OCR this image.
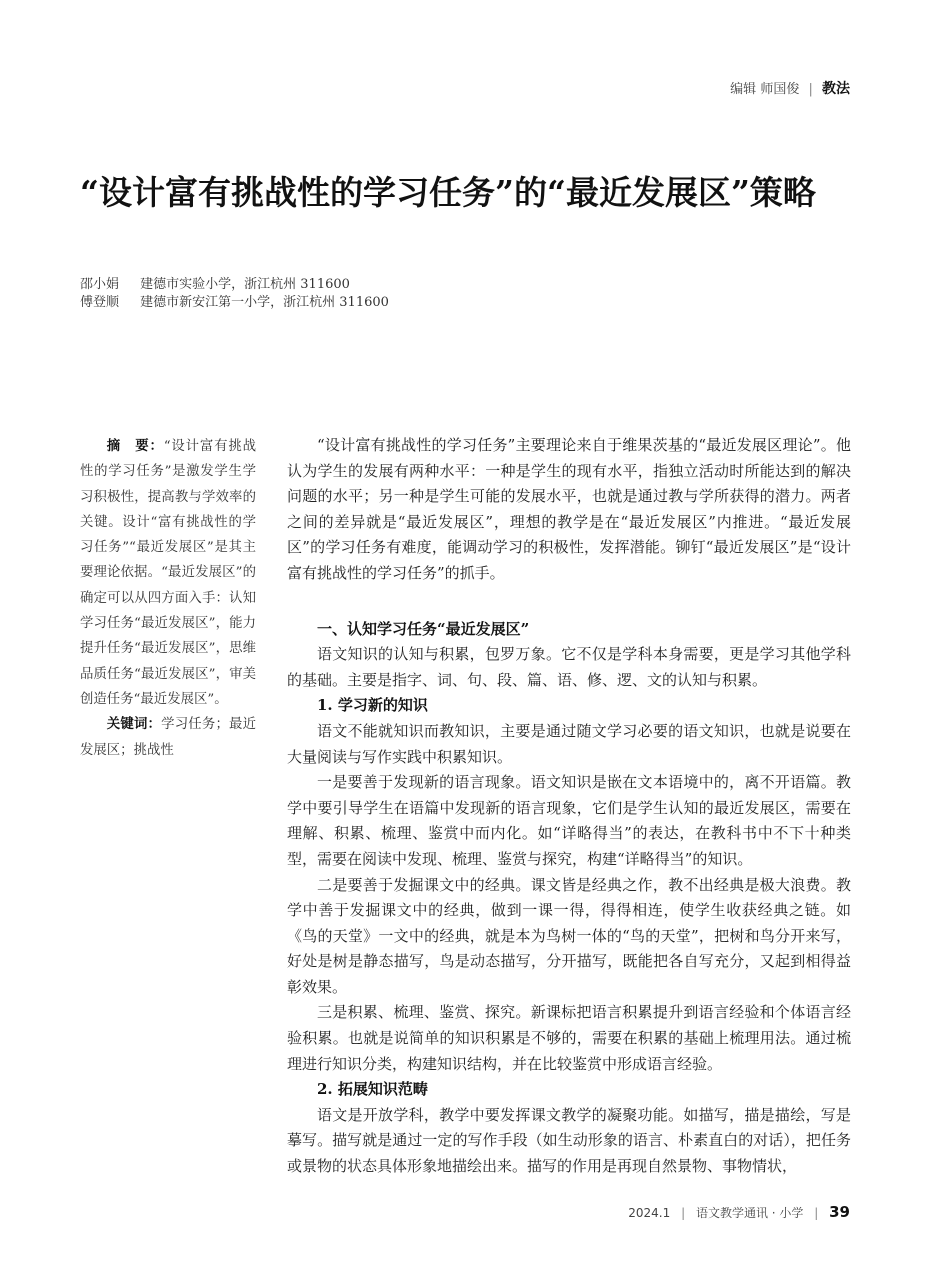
编辑 师国俊 | 教法
“设计富有挑战性的学习任务”的“最近发展区”策略
邵小娟 建德市实验小学，浙江杭州 311600
傅登顺 建德市新安江第一小学，浙江杭州 311600

摘　要：“设计富有挑战性的学习任务”是激发学生学习积极性，提高教与学效率的关键。设计“富有挑战性的学习任务”“最近发展区”是其主要理论依据。“最近发展区”的确定可以从四方面入手：认知学习任务“最近发展区”，能力提升任务“最近发展区”，思维品质任务“最近发展区”，审美创造任务“最近发展区”。

关键词：学习任务；最近发展区；挑战性

“设计富有挑战性的学习任务”主要理论来自于维果茨基的“最近发展区理论”。他认为学生的发展有两种水平：一种是学生的现有水平，指独立活动时所能达到的解决问题的水平；另一种是学生可能的发展水平，也就是通过教与学所获得的潜力。两者之间的差异就是“最近发展区”，理想的教学是在“最近发展区”内推进。“最近发展区”的学习任务有难度，能调动学习的积极性，发挥潜能。铆钉“最近发展区”是“设计富有挑战性的学习任务”的抓手。

一、认知学习任务“最近发展区”

语文知识的认知与积累，包罗万象。它不仅是学科本身需要，更是学习其他学科的基础。主要是指字、词、句、段、篇、语、修、逻、文的认知与积累。

1. 学习新的知识

语文不能就知识而教知识，主要是通过随文学习必要的语文知识，也就是说要在大量阅读与写作实践中积累知识。

一是要善于发现新的语言现象。语文知识是嵌在文本语境中的，离不开语篇。教学中要引导学生在语篇中发现新的语言现象，它们是学生认知的最近发展区，需要在理解、积累、梳理、鉴赏中而内化。如“详略得当”的表达，在教科书中不下十种类型，需要在阅读中发现、梳理、鉴赏与探究，构建“详略得当”的知识。

二是要善于发掘课文中的经典。课文皆是经典之作，教不出经典是极大浪费。教学中善于发掘课文中的经典，做到一课一得，得得相连，使学生收获经典之链。如《鸟的天堂》一文中的经典，就是本为鸟树一体的“鸟的天堂”，把树和鸟分开来写，好处是树是静态描写，鸟是动态描写，分开描写，既能把各自写充分，又起到相得益彰效果。

三是积累、梳理、鉴赏、探究。新课标把语言积累提升到语言经验和个体语言经验积累。也就是说简单的知识积累是不够的，需要在积累的基础上梳理用法。通过梳理进行知识分类，构建知识结构，并在比较鉴赏中形成语言经验。

2. 拓展知识范畴

语文是开放学科，教学中要发挥课文教学的凝聚功能。如描写，描是描绘，写是摹写。描写就是通过一定的写作手段（如生动形象的语言、朴素直白的对话），把任务或景物的状态具体形象地描绘出来。描写的作用是再现自然景物、事物情状，

2024.1 | 语文教学通讯 · 小学 | 39
